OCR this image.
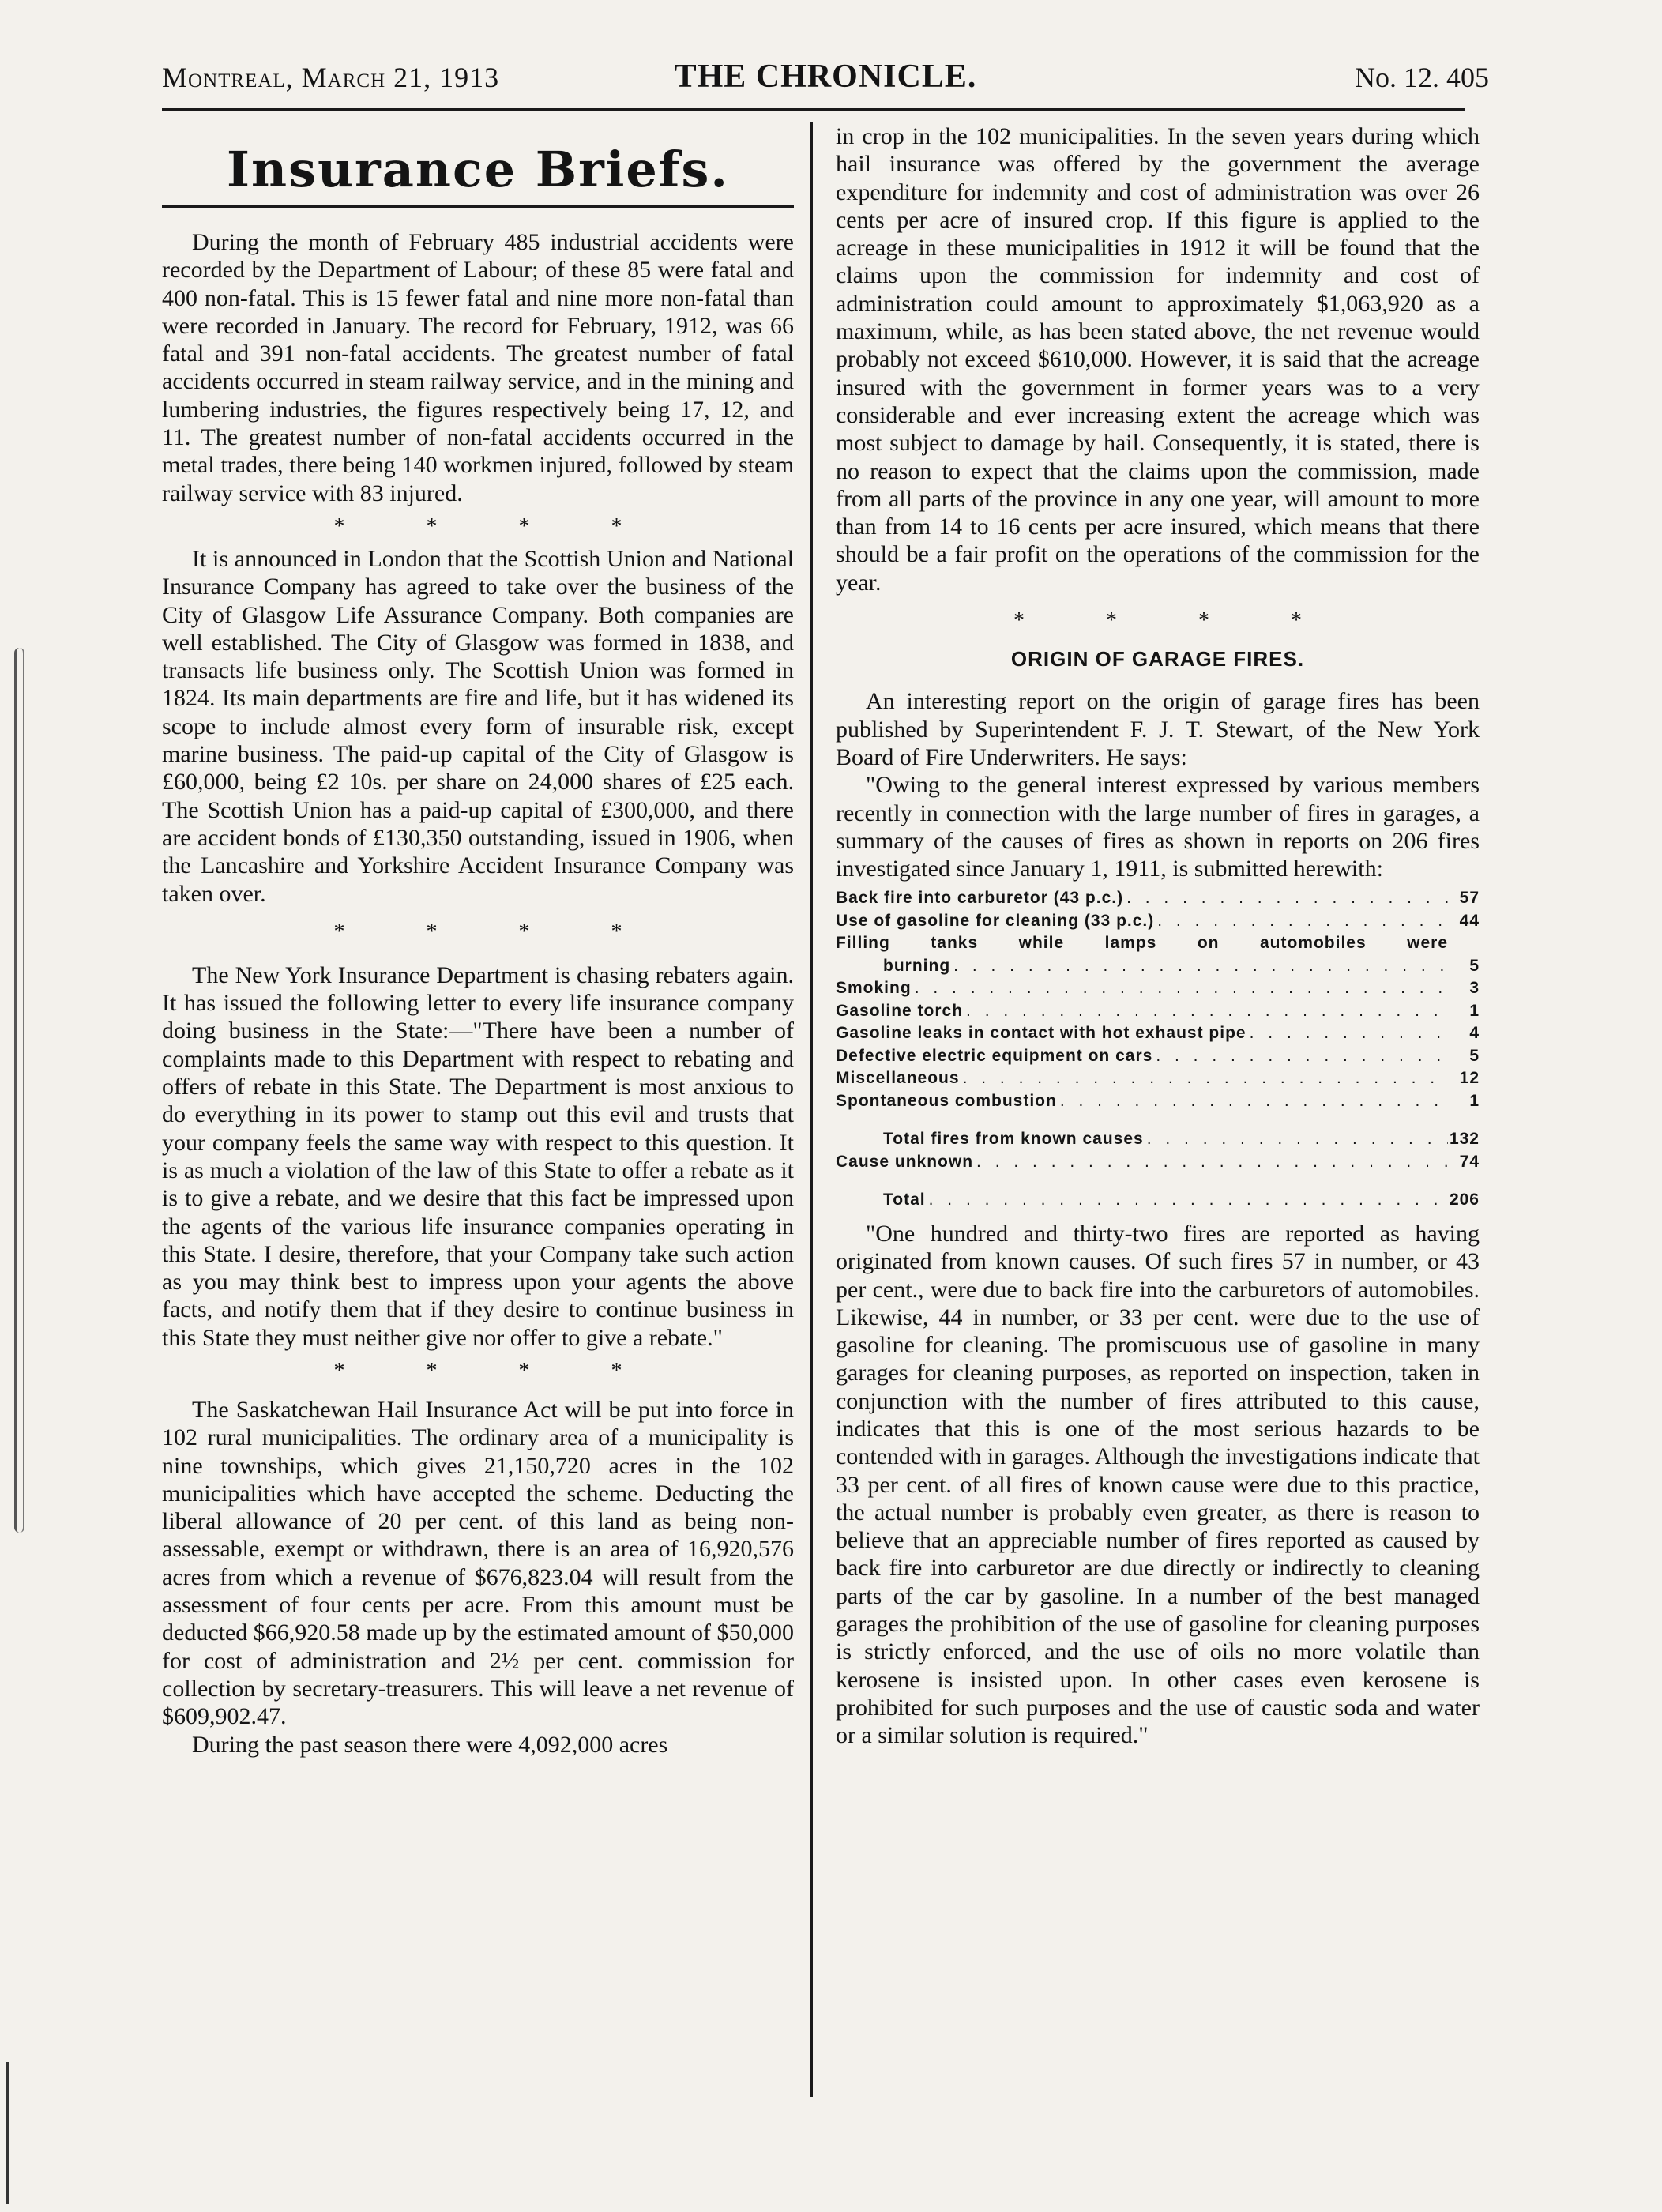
Montreal, March 21, 1913	THE CHRONICLE.	No. 12. 405
Insurance Briefs.

During the month of February 485 industrial accidents were recorded by the Department of Labour; of these 85 were fatal and 400 non-fatal. This is 15 fewer fatal and nine more non-fatal than were recorded in January. The record for February, 1912, was 66 fatal and 391 non-fatal accidents. The greatest number of fatal accidents occurred in steam railway service, and in the mining and lumbering industries, the figures respectively being 17, 12, and 11. The greatest number of non-fatal accidents occurred in the metal trades, there being 140 workmen injured, followed by steam railway service with 83 injured.

* * * *

It is announced in London that the Scottish Union and National Insurance Company has agreed to take over the business of the City of Glasgow Life Assurance Company. Both companies are well established. The City of Glasgow was formed in 1838, and transacts life business only. The Scottish Union was formed in 1824. Its main departments are fire and life, but it has widened its scope to include almost every form of insurable risk, except marine business. The paid-up capital of the City of Glasgow is £60,000, being £2 10s. per share on 24,000 shares of £25 each. The Scottish Union has a paid-up capital of £300,000, and there are accident bonds of £130,350 outstanding, issued in 1906, when the Lancashire and Yorkshire Accident Insurance Company was taken over.

* * * *

The New York Insurance Department is chasing rebaters again. It has issued the following letter to every life insurance company doing business in the State:—"There have been a number of complaints made to this Department with respect to rebating and offers of rebate in this State. The Department is most anxious to do everything in its power to stamp out this evil and trusts that your company feels the same way with respect to this question. It is as much a violation of the law of this State to offer a rebate as it is to give a rebate, and we desire that this fact be impressed upon the agents of the various life insurance companies operating in this State. I desire, therefore, that your Company take such action as you may think best to impress upon your agents the above facts, and notify them that if they desire to continue business in this State they must neither give nor offer to give a rebate."

* * * *

The Saskatchewan Hail Insurance Act will be put into force in 102 rural municipalities. The ordinary area of a municipality is nine townships, which gives 21,150,720 acres in the 102 municipalities which have accepted the scheme. Deducting the liberal allowance of 20 per cent. of this land as being non-assessable, exempt or withdrawn, there is an area of 16,920,576 acres from which a revenue of $676,823.04 will result from the assessment of four cents per acre. From this amount must be deducted $66,920.58 made up by the estimated amount of $50,000 for cost of administration and 2½ per cent. commission for collection by secretary-treasurers. This will leave a net revenue of $609,902.47.

During the past season there were 4,092,000 acres

in crop in the 102 municipalities. In the seven years during which hail insurance was offered by the government the average expenditure for indemnity and cost of administration was over 26 cents per acre of insured crop. If this figure is applied to the acreage in these municipalities in 1912 it will be found that the claims upon the commission for indemnity and cost of administration could amount to approximately $1,063,920 as a maximum, while, as has been stated above, the net revenue would probably not exceed $610,000. However, it is said that the acreage insured with the government in former years was to a very considerable and ever increasing extent the acreage which was most subject to damage by hail. Consequently, it is stated, there is no reason to expect that the claims upon the commission, made from all parts of the province in any one year, will amount to more than from 14 to 16 cents per acre insured, which means that there should be a fair profit on the operations of the commission for the year.

* * * *
ORIGIN OF GARAGE FIRES.

An interesting report on the origin of garage fires has been published by Superintendent F. J. T. Stewart, of the New York Board of Fire Underwriters. He says:

"Owing to the general interest expressed by various members recently in connection with the large number of fires in garages, a summary of the causes of fires as shown in reports on 206 fires investigated since January 1, 1911, is submitted herewith:

Back fire into carburetor (43 p.c.) . . .	57
Use of gasoline for cleaning (33 p.c.) . . .	44
Filling tanks while lamps on automobiles were
burning . . .	5
Smoking . . .	3
Gasoline torch . . .	1
Gasoline leaks in contact with hot exhaust pipe . . .	4
Defective electric equipment on cars . . .	5
Miscellaneous . . .	12
Spontaneous combustion . . .	1
Total fires from known causes . . .	132
Cause unknown . . .	74
Total . . .	206

"One hundred and thirty-two fires are reported as having originated from known causes. Of such fires 57 in number, or 43 per cent., were due to back fire into the carburetors of automobiles. Likewise, 44 in number, or 33 per cent. were due to the use of gasoline for cleaning. The promiscuous use of gasoline in many garages for cleaning purposes, as reported on inspection, taken in conjunction with the number of fires attributed to this cause, indicates that this is one of the most serious hazards to be contended with in garages. Although the investigations indicate that 33 per cent. of all fires of known cause were due to this practice, the actual number is probably even greater, as there is reason to believe that an appreciable number of fires reported as caused by back fire into carburetor are due directly or indirectly to cleaning parts of the car by gasoline. In a number of the best managed garages the prohibition of the use of gasoline for cleaning purposes is strictly enforced, and the use of oils no more volatile than kerosene is insisted upon. In other cases even kerosene is prohibited for such purposes and the use of caustic soda and water or a similar solution is required."
